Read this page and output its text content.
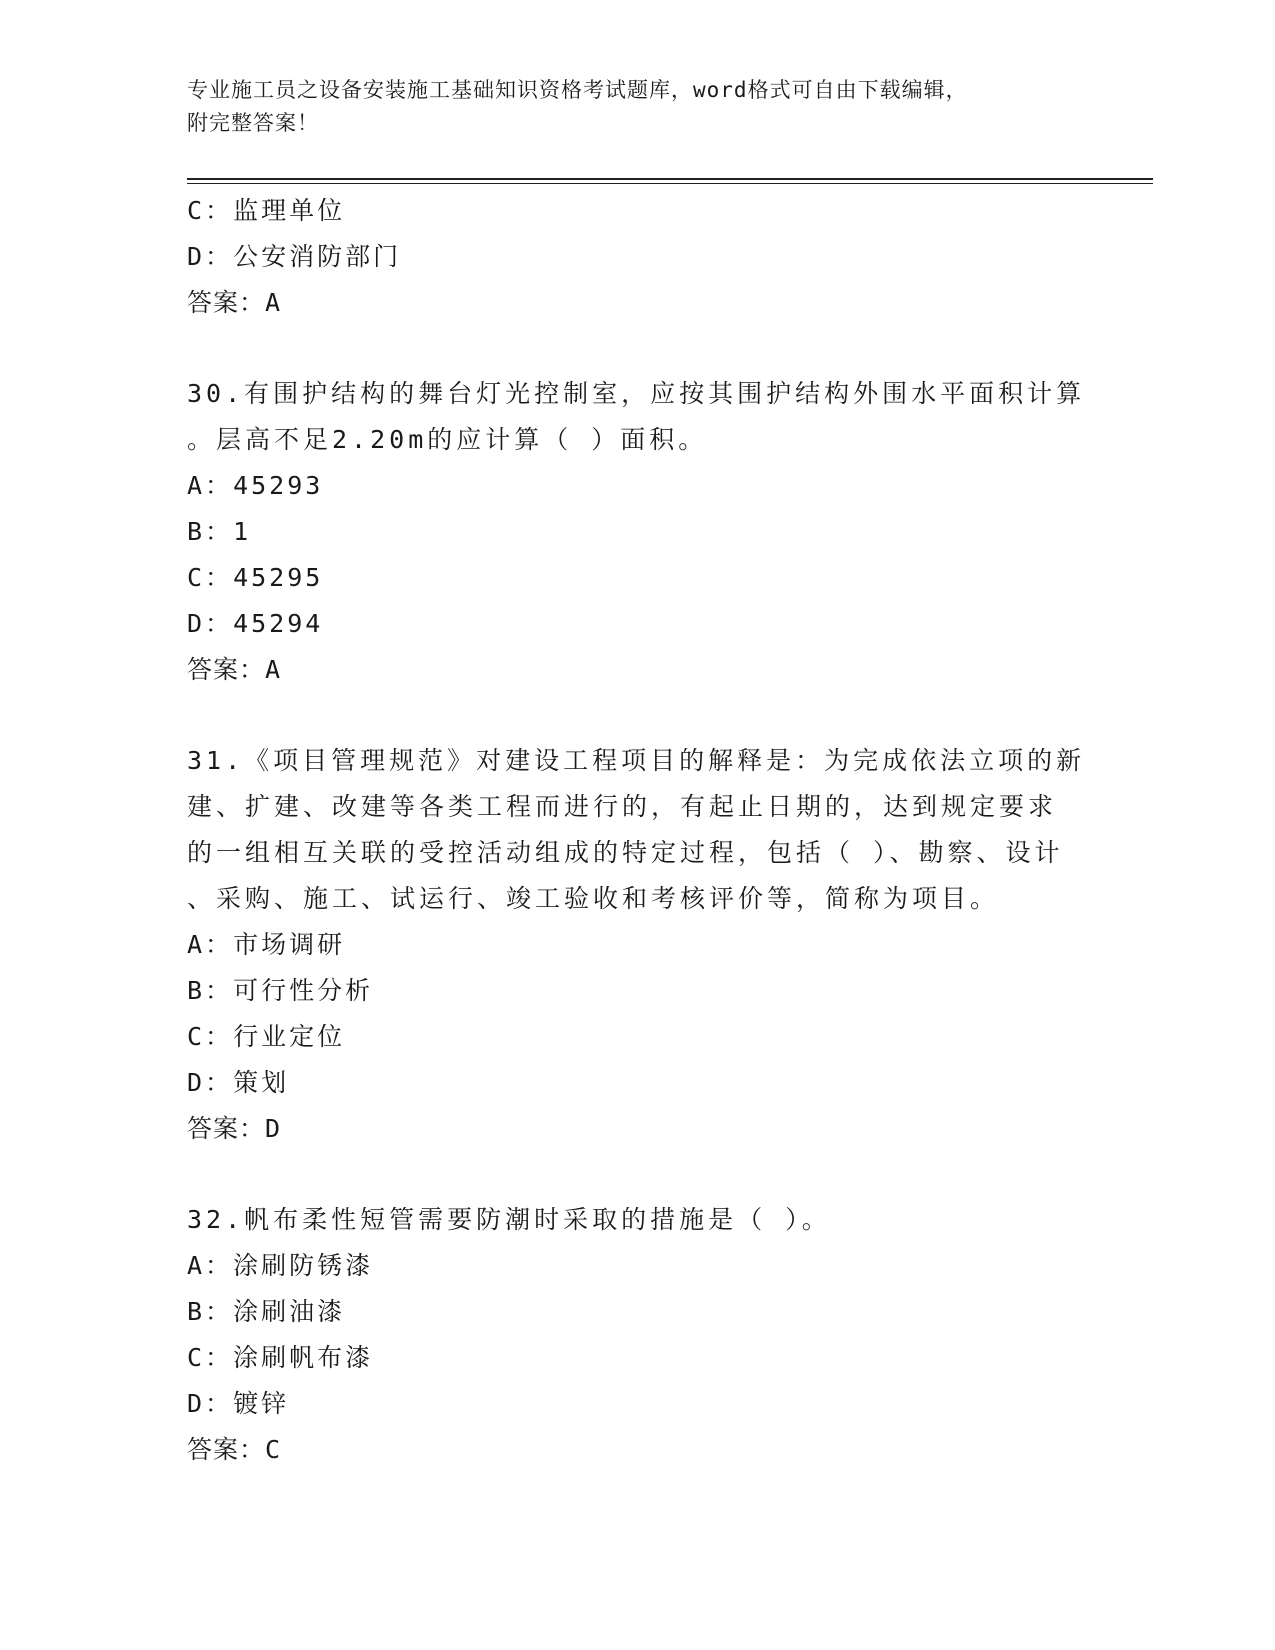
专业施工员之设备安装施工基础知识资格考试题库，word格式可自由下载编辑，
附完整答案！
C：监理单位
D：公安消防部门
答案：A
30.有围护结构的舞台灯光控制室，应按其围护结构外围水平面积计算
。层高不足2.20m的应计算（ ）面积。
A：45293
B：1
C：45295
D：45294
答案：A
31.《项目管理规范》对建设工程项目的解释是：为完成依法立项的新
建、扩建、改建等各类工程而进行的，有起止日期的，达到规定要求
的一组相互关联的受控活动组成的特定过程，包括（ ）、勘察、设计
、采购、施工、试运行、竣工验收和考核评价等，简称为项目。
A：市场调研
B：可行性分析
C：行业定位
D：策划
答案：D
32.帆布柔性短管需要防潮时采取的措施是（ ）。
A：涂刷防锈漆
B：涂刷油漆
C：涂刷帆布漆
D：镀锌
答案：C
